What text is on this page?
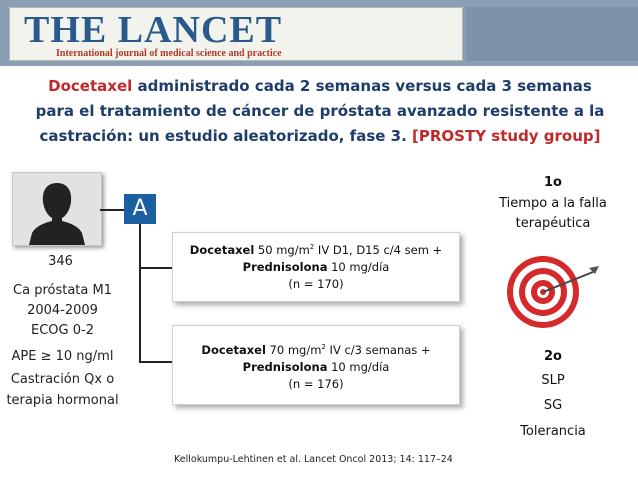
THE LANCET
International journal of medical science and practice
Docetaxel administrado cada 2 semanas versus cada 3 semanas
para el tratamiento de cáncer de próstata avanzado resistente a la
castración: un estudio aleatorizado, fase 3. [PROSTY study group]
346
Ca próstata M1
2004-2009
ECOG 0-2
APE ≥ 10 ng/ml
Castración Qx o
terapia hormonal
A
Docetaxel 50 $mg/m^2$ IV D1, D15 c/4 sem +
Prednisolona 10 mg/día
(n = 170)
Docetaxel 70 $mg/m^2$ IV c/3 semanas +
Prednisolona 10 mg/día
(n = 176)
1o
Tiempo a la falla
terapéutica
2o
SLP
SG
Tolerancia
Kellokumpu-Lehtinen et al. Lancet Oncol 2013; 14: 117–24
